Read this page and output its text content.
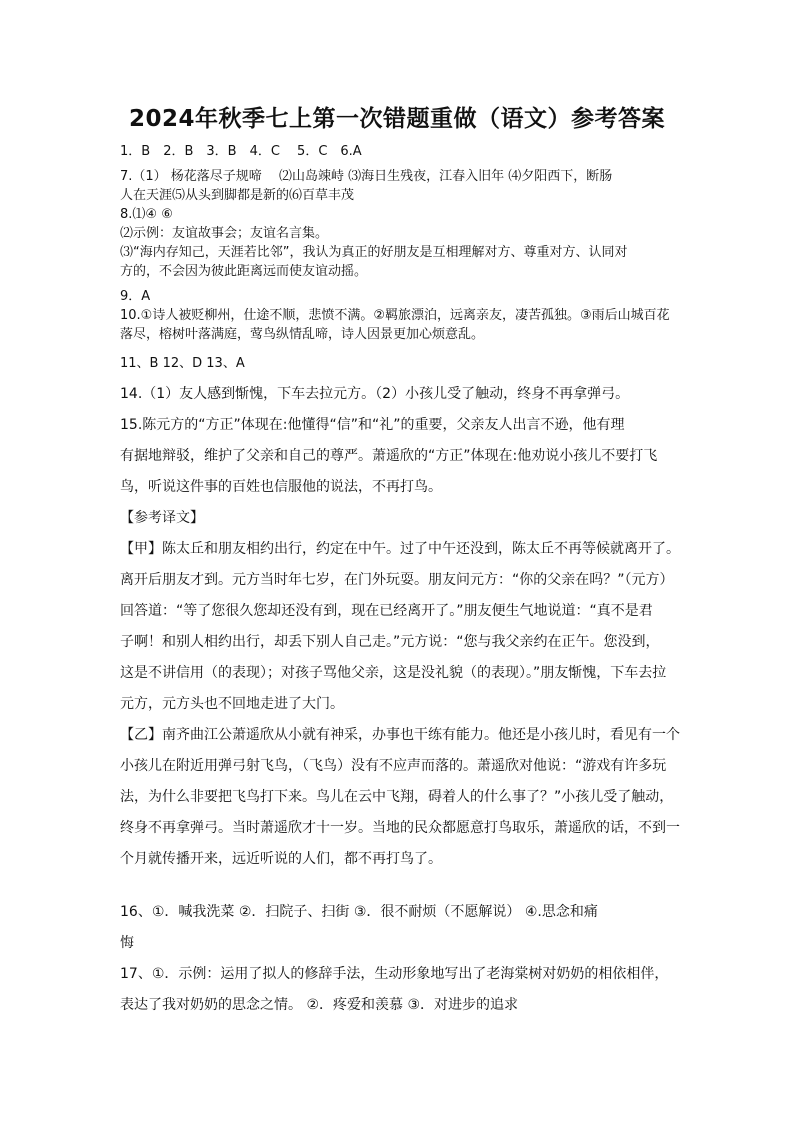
2024年秋季七上第一次错题重做（语文）参考答案
1．B　2．B　3．B　4．C　 5．C　6.A
7.（1） 杨花落尽子规啼　 ⑵山岛竦峙 ⑶海日生残夜，江春入旧年 ⑷夕阳西下，断肠
人在天涯⑸从头到脚都是新的⑹百草丰茂
8.⑴④ ⑥
⑵示例：友谊故事会；友谊名言集。
⑶“海内存知己，天涯若比邻”，我认为真正的好朋友是互相理解对方、尊重对方、认同对
方的，不会因为彼此距离远而使友谊动摇。
9．A
10.①诗人被贬柳州，仕途不顺，悲愤不满。②羁旅漂泊，远离亲友，凄苦孤独。③雨后山城百花
落尽，榕树叶落满庭，莺鸟纵情乱啼，诗人因景更加心烦意乱。
11、B 12、D 13、A
14.（1）友人感到惭愧，下车去拉元方。（2）小孩儿受了触动，终身不再拿弹弓。
15.陈元方的“方正”体现在:他懂得“信”和“礼”的重要，父亲友人出言不逊，他有理
有据地辩驳，维护了父亲和自己的尊严。萧遥欣的“方正”体现在:他劝说小孩儿不要打飞
鸟，听说这件事的百姓也信服他的说法，不再打鸟。
【参考译文】
【甲】陈太丘和朋友相约出行，约定在中午。过了中午还没到，陈太丘不再等候就离开了。
离开后朋友才到。元方当时年七岁，在门外玩耍。朋友问元方：“你的父亲在吗？”（元方）
回答道：“等了您很久您却还没有到，现在已经离开了。”朋友便生气地说道：“真不是君
子啊！和别人相约出行，却丢下别人自己走。”元方说：“您与我父亲约在正午。您没到，
这是不讲信用（的表现）；对孩子骂他父亲，这是没礼貌（的表现）。”朋友惭愧，下车去拉
元方，元方头也不回地走进了大门。
【乙】南齐曲江公萧遥欣从小就有神采，办事也干练有能力。他还是小孩儿时，看见有一个
小孩儿在附近用弹弓射飞鸟，（飞鸟）没有不应声而落的。萧遥欣对他说：“游戏有许多玩
法，为什么非要把飞鸟打下来。鸟儿在云中飞翔，碍着人的什么事了？”小孩儿受了触动，
终身不再拿弹弓。当时萧遥欣才十一岁。当地的民众都愿意打鸟取乐，萧遥欣的话，不到一
个月就传播开来，远近听说的人们，都不再打鸟了。
16、①．喊我洗菜 ②．扫院子、扫街 ③．很不耐烦（不愿解说） ④.思念和痛
悔
17、①．示例：运用了拟人的修辞手法，生动形象地写出了老海棠树对奶奶的相依相伴，
表达了我对奶奶的思念之情。 ②．疼爱和羡慕 ③．对进步的追求
